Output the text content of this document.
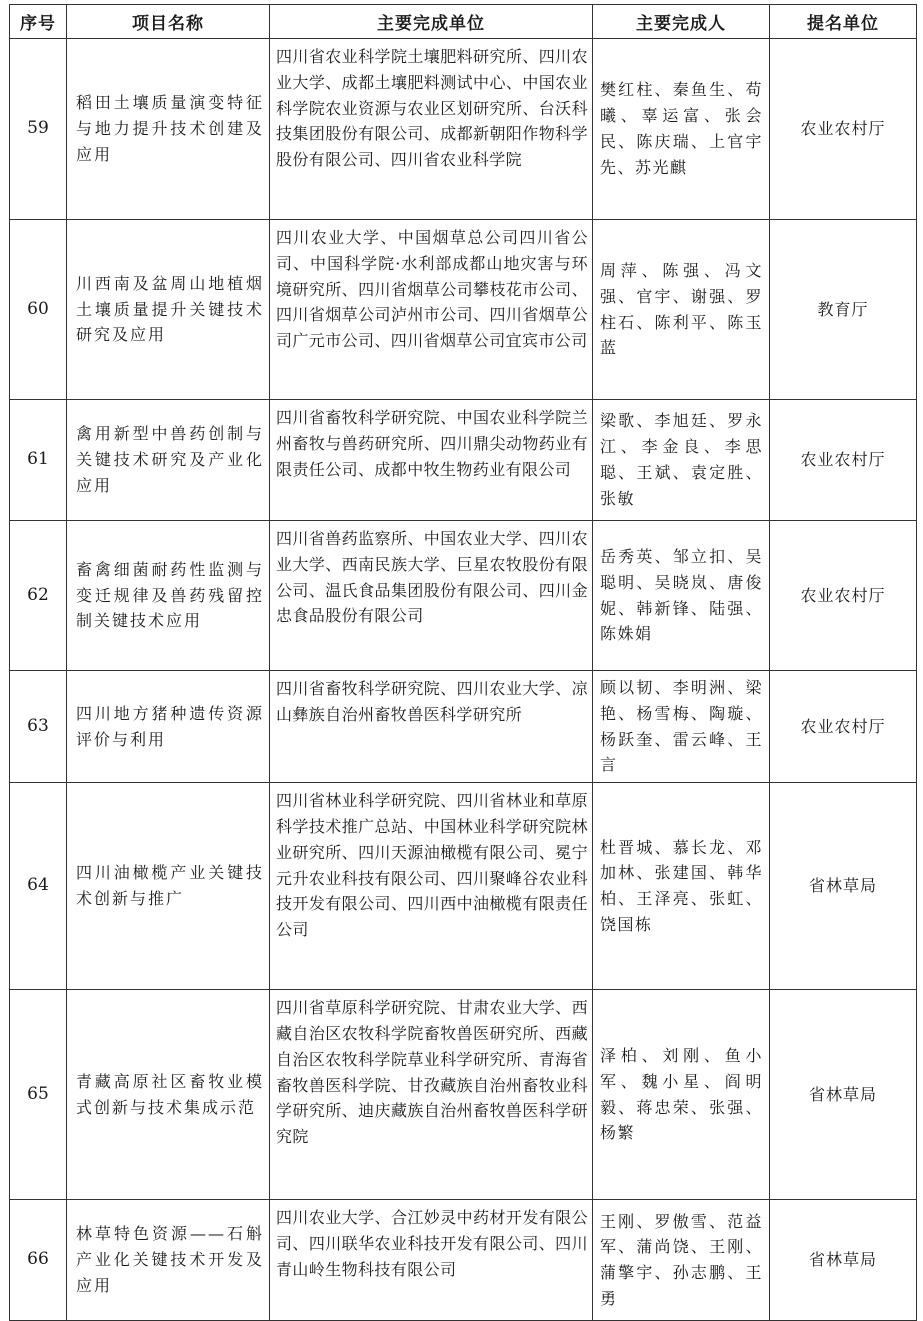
序号	项目名称	主要完成单位	主要完成人	提名单位
59	稻田土壤质量演变特征与地力提升技术创建及应用	四川省农业科学院土壤肥料研究所、四川农业大学、成都土壤肥料测试中心、中国农业科学院农业资源与农业区划研究所、台沃科技集团股份有限公司、成都新朝阳作物科学股份有限公司、四川省农业科学院	樊红柱、秦鱼生、苟曦、辜运富、张会民、陈庆瑞、上官宇先、苏光麒	农业农村厅
60	川西南及盆周山地植烟土壤质量提升关键技术研究及应用	四川农业大学、中国烟草总公司四川省公司、中国科学院·水利部成都山地灾害与环境研究所、四川省烟草公司攀枝花市公司、四川省烟草公司泸州市公司、四川省烟草公司广元市公司、四川省烟草公司宜宾市公司	周萍、陈强、冯文强、官宇、谢强、罗柱石、陈利平、陈玉蓝	教育厅
61	禽用新型中兽药创制与关键技术研究及产业化应用	四川省畜牧科学研究院、中国农业科学院兰州畜牧与兽药研究所、四川鼎尖动物药业有限责任公司、成都中牧生物药业有限公司	梁歌、李旭廷、罗永江、李金良、李思聪、王斌、袁定胜、张敏	农业农村厅
62	畜禽细菌耐药性监测与变迁规律及兽药残留控制关键技术应用	四川省兽药监察所、中国农业大学、四川农业大学、西南民族大学、巨星农牧股份有限公司、温氏食品集团股份有限公司、四川金忠食品股份有限公司	岳秀英、邹立扣、吴聪明、吴晓岚、唐俊妮、韩新锋、陆强、陈姝娟	农业农村厅
63	四川地方猪种遗传资源评价与利用	四川省畜牧科学研究院、四川农业大学、凉山彝族自治州畜牧兽医科学研究所	顾以韧、李明洲、梁艳、杨雪梅、陶璇、杨跃奎、雷云峰、王言	农业农村厅
64	四川油橄榄产业关键技术创新与推广	四川省林业科学研究院、四川省林业和草原科学技术推广总站、中国林业科学研究院林业研究所、四川天源油橄榄有限公司、冕宁元升农业科技有限公司、四川聚峰谷农业科技开发有限公司、四川西中油橄榄有限责任公司	杜晋城、慕长龙、邓加林、张建国、韩华柏、王泽亮、张虹、饶国栋	省林草局
65	青藏高原社区畜牧业模式创新与技术集成示范	四川省草原科学研究院、甘肃农业大学、西藏自治区农牧科学院畜牧兽医研究所、西藏自治区农牧科学院草业科学研究所、青海省畜牧兽医科学院、甘孜藏族自治州畜牧业科学研究所、迪庆藏族自治州畜牧兽医科学研究院	泽柏、刘刚、鱼小军、魏小星、阎明毅、蒋忠荣、张强、杨繁	省林草局
66	林草特色资源——石斛产业化关键技术开发及应用	四川农业大学、合江妙灵中药材开发有限公司、四川联华农业科技开发有限公司、四川青山岭生物科技有限公司	王刚、罗傲雪、范益军、蒲尚饶、王刚、蒲擎宇、孙志鹏、王勇	省林草局
